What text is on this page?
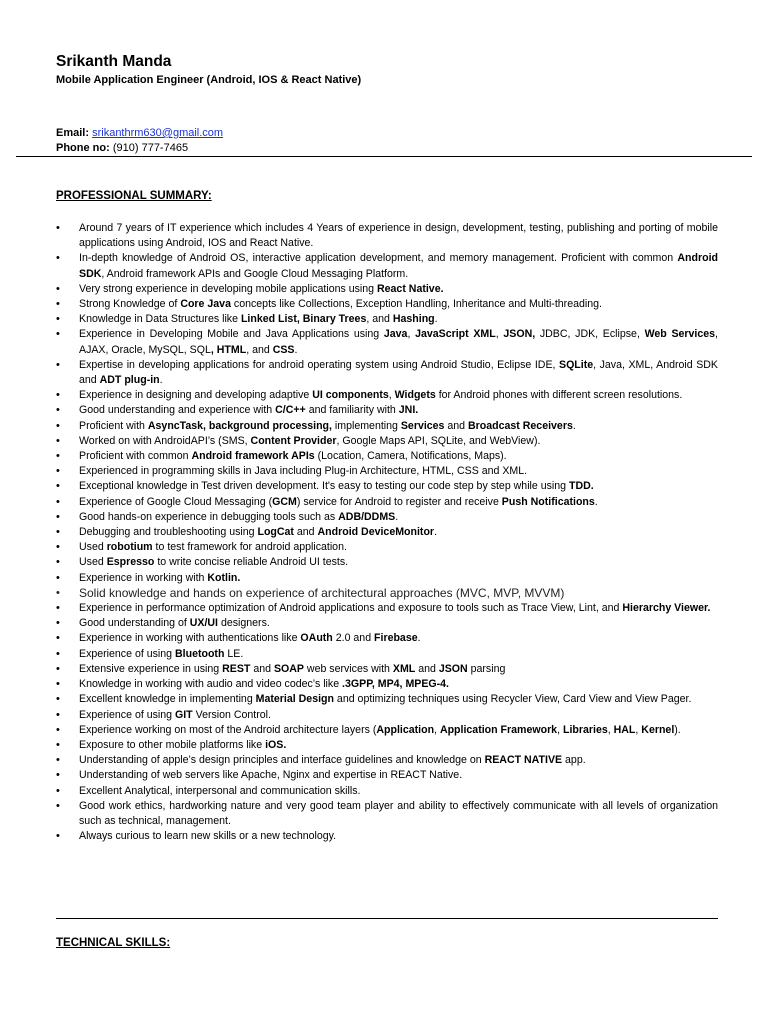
Srikanth Manda
Mobile Application Engineer (Android, IOS & React Native)
Email: srikanthrm630@gmail.com
Phone no: (910) 777-7465
PROFESSIONAL SUMMARY:
• Around 7 years of IT experience which includes 4 Years of experience in design, development, testing, publishing and porting of mobile applications using Android, IOS and React Native.
• In-depth knowledge of Android OS, interactive application development, and memory management. Proficient with common Android SDK, Android framework APIs and Google Cloud Messaging Platform.
• Very strong experience in developing mobile applications using React Native.
• Strong Knowledge of Core Java concepts like Collections, Exception Handling, Inheritance and Multi-threading.
• Knowledge in Data Structures like Linked List, Binary Trees, and Hashing.
• Experience in Developing Mobile and Java Applications using Java, JavaScript XML, JSON, JDBC, JDK, Eclipse, Web Services, AJAX, Oracle, MySQL, SQL, HTML, and CSS.
• Expertise in developing applications for android operating system using Android Studio, Eclipse IDE, SQLite, Java, XML, Android SDK and ADT plug-in.
• Experience in designing and developing adaptive UI components, Widgets for Android phones with different screen resolutions.
• Good understanding and experience with C/C++ and familiarity with JNI.
• Proficient with AsyncTask, background processing, implementing Services and Broadcast Receivers.
• Worked on with AndroidAPI’s (SMS, Content Provider, Google Maps API, SQLite, and WebView).
• Proficient with common Android framework APIs (Location, Camera, Notifications, Maps).
• Experienced in programming skills in Java including Plug-in Architecture, HTML, CSS and XML.
• Exceptional knowledge in Test driven development. It's easy to testing our code step by step while using TDD.
• Experience of Google Cloud Messaging (GCM) service for Android to register and receive Push Notifications.
• Good hands-on experience in debugging tools such as ADB/DDMS.
• Debugging and troubleshooting using LogCat and Android DeviceMonitor.
• Used robotium to test framework for android application.
• Used Espresso to write concise reliable Android UI tests.
• Experience in working with Kotlin.
• Solid knowledge and hands on experience of architectural approaches (MVC, MVP, MVVM)
• Experience in performance optimization of Android applications and exposure to tools such as Trace View, Lint, and Hierarchy Viewer.
• Good understanding of UX/UI designers.
• Experience in working with authentications like OAuth 2.0 and Firebase.
• Experience of using Bluetooth LE.
• Extensive experience in using REST and SOAP web services with XML and JSON parsing
• Knowledge in working with audio and video codec’s like .3GPP, MP4, MPEG-4.
• Excellent knowledge in implementing Material Design and optimizing techniques using Recycler View, Card View and View Pager.
• Experience of using GIT Version Control.
• Experience working on most of the Android architecture layers (Application, Application Framework, Libraries, HAL, Kernel).
• Exposure to other mobile platforms like iOS.
• Understanding of apple’s design principles and interface guidelines and knowledge on REACT NATIVE app.
• Understanding of web servers like Apache, Nginx and expertise in REACT Native.
• Excellent Analytical, interpersonal and communication skills.
• Good work ethics, hardworking nature and very good team player and ability to effectively communicate with all levels of organization such as technical, management.
• Always curious to learn new skills or a new technology.
TECHNICAL SKILLS:
